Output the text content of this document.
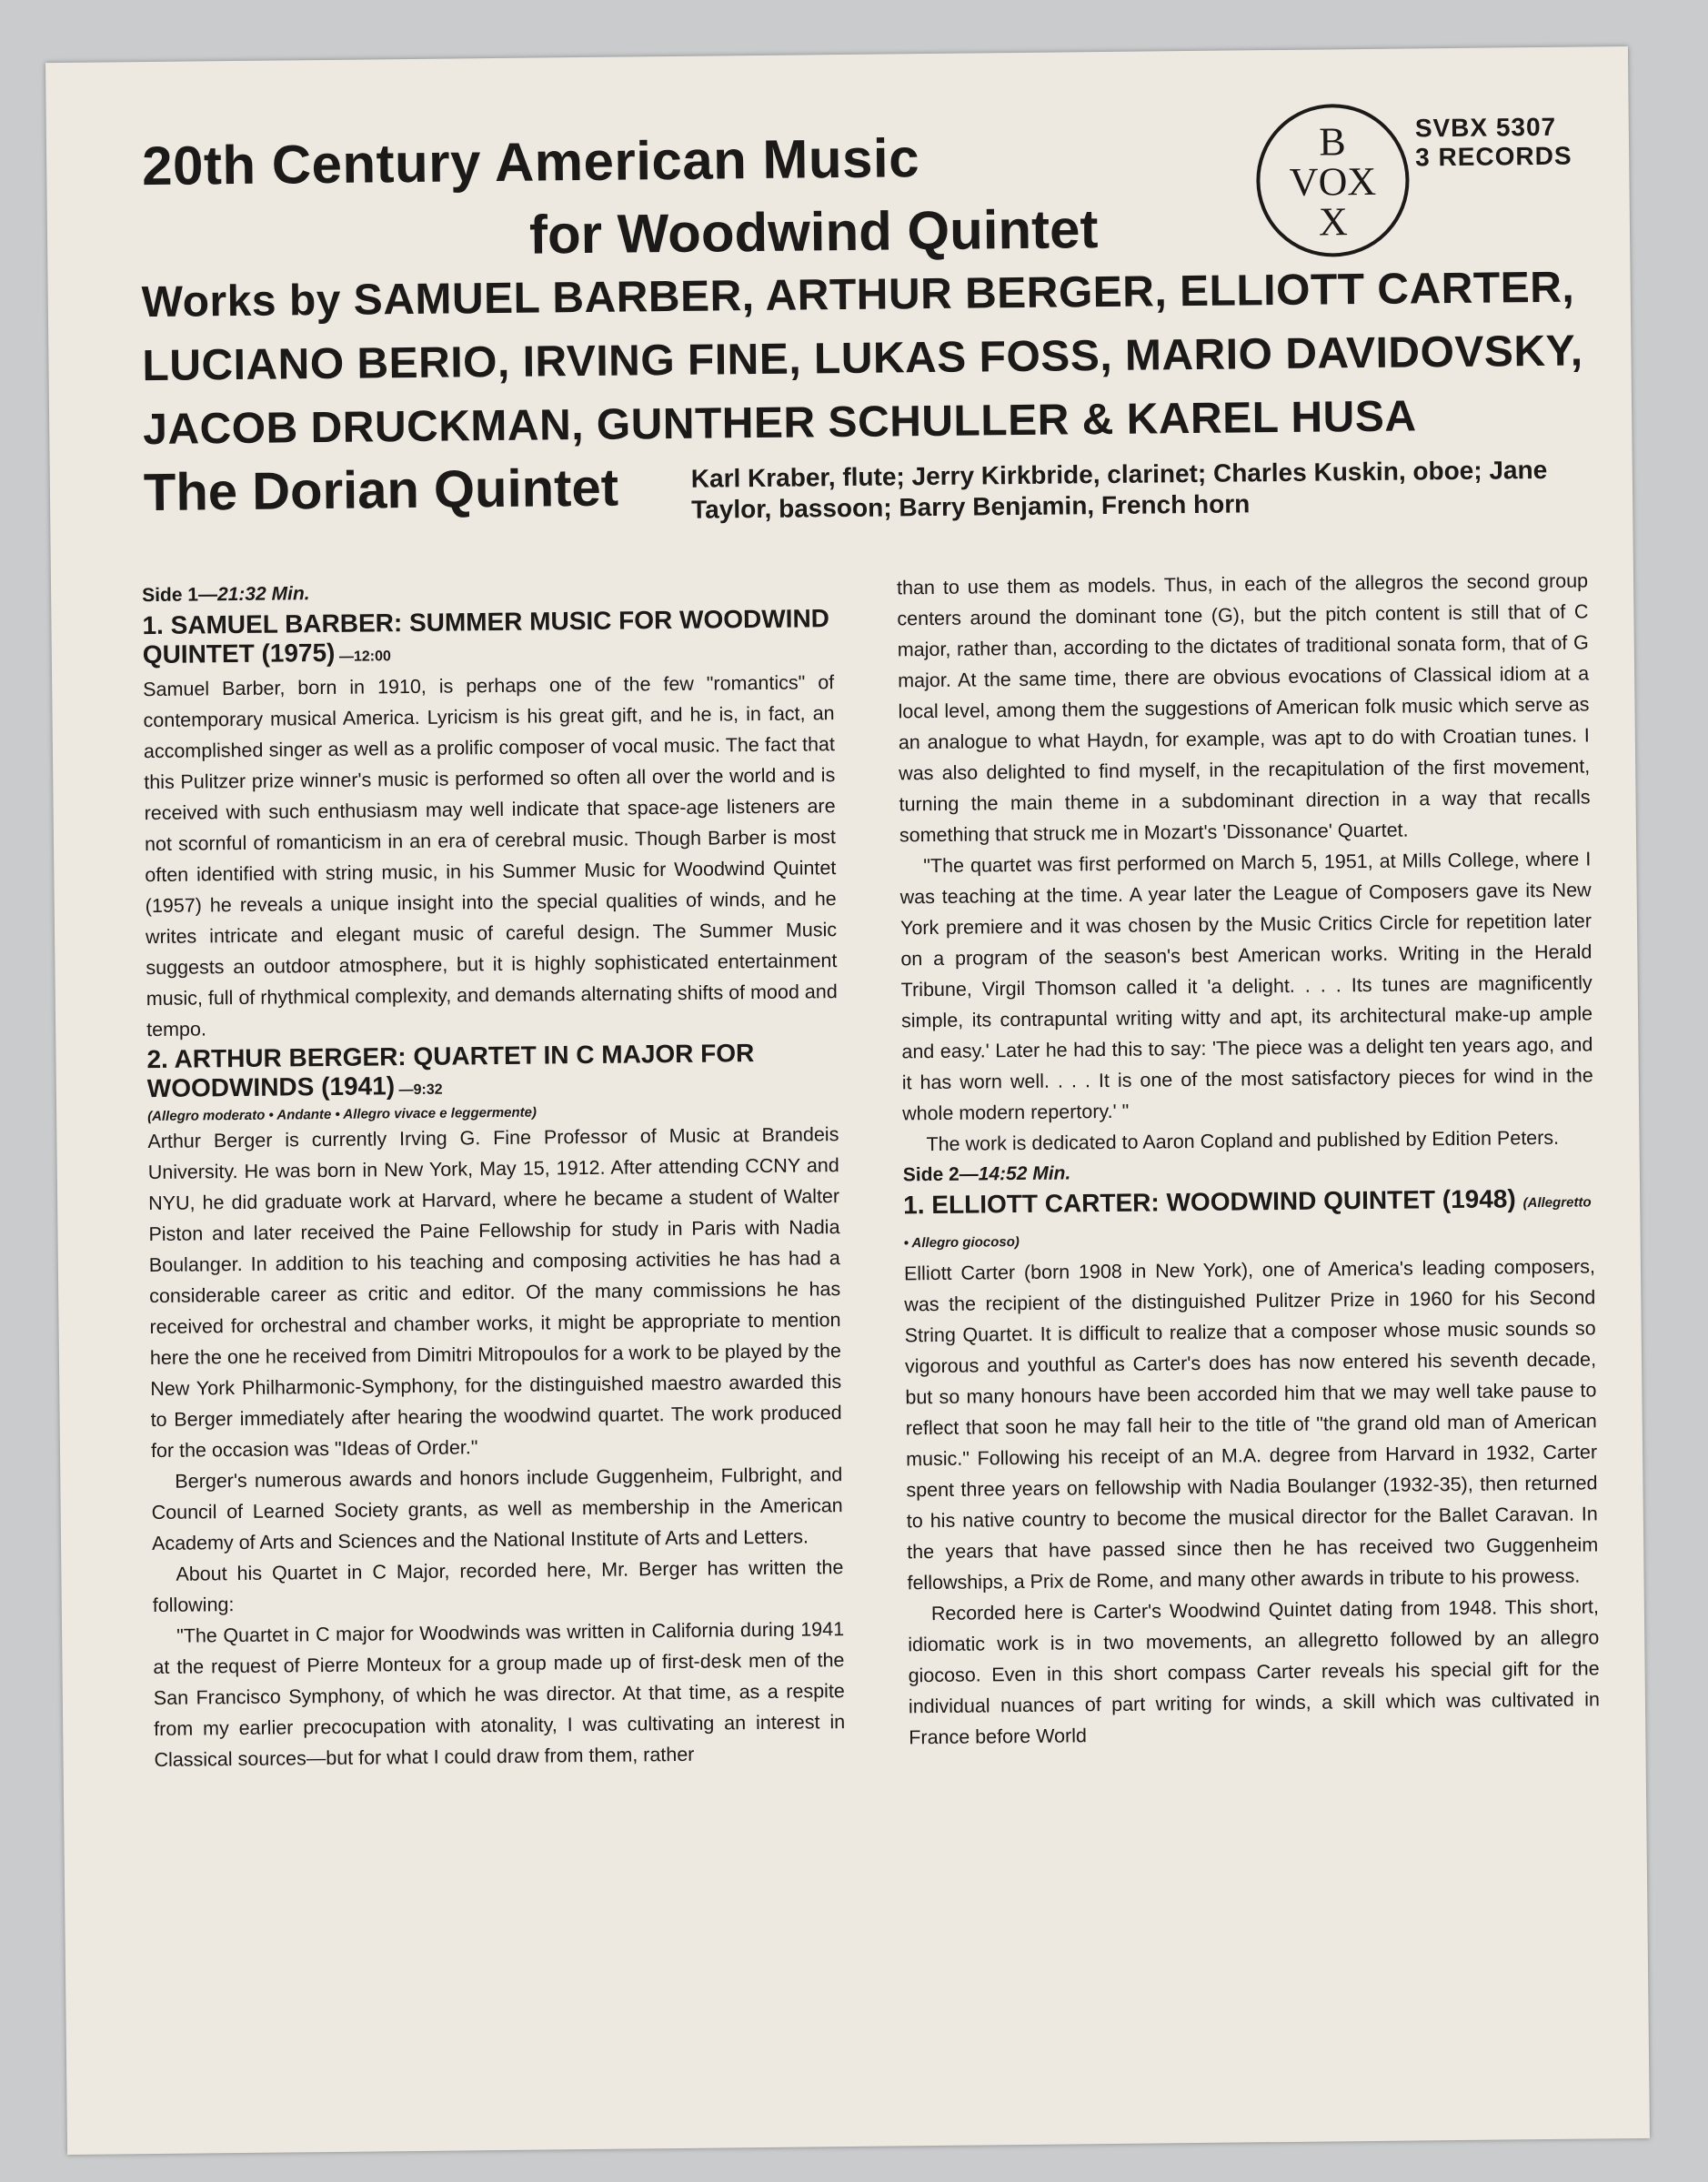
20th Century American Music
for Woodwind Quintet
B
VOX
X
SVBX 5307
3 RECORDS
Works by SAMUEL BARBER, ARTHUR BERGER, ELLIOTT CARTER, LUCIANO BERIO, IRVING FINE, LUKAS FOSS, MARIO DAVIDOVSKY, JACOB DRUCKMAN, GUNTHER SCHULLER & KAREL HUSA
The Dorian Quintet	Karl Kraber, flute; Jerry Kirkbride, clarinet; Charles Kuskin, oboe; Jane Taylor, bassoon; Barry Benjamin, French horn

Side 1—21:32 Min.

1. SAMUEL BARBER: SUMMER MUSIC FOR WOODWIND QUINTET (1975) —12:00

Samuel Barber, born in 1910, is perhaps one of the few "romantics" of contemporary musical America. Lyricism is his great gift, and he is, in fact, an accomplished singer as well as a prolific composer of vocal music. The fact that this Pulitzer prize winner's music is performed so often all over the world and is received with such enthusiasm may well indicate that space-age listeners are not scornful of romanticism in an era of cerebral music. Though Barber is most often identified with string music, in his Summer Music for Woodwind Quintet (1957) he reveals a unique insight into the special qualities of winds, and he writes intricate and elegant music of careful design. The Summer Music suggests an outdoor atmosphere, but it is highly sophisticated entertainment music, full of rhythmical complexity, and demands alternating shifts of mood and tempo.

2. ARTHUR BERGER: QUARTET IN C MAJOR FOR WOODWINDS (1941) —9:32

(Allegro moderato • Andante • Allegro vivace e leggermente)

Arthur Berger is currently Irving G. Fine Professor of Music at Brandeis University. He was born in New York, May 15, 1912. After attending CCNY and NYU, he did graduate work at Harvard, where he became a student of Walter Piston and later received the Paine Fellowship for study in Paris with Nadia Boulanger. In addition to his teaching and composing activities he has had a considerable career as critic and editor. Of the many commissions he has received for orchestral and chamber works, it might be appropriate to mention here the one he received from Dimitri Mitropoulos for a work to be played by the New York Philharmonic-Symphony, for the distinguished maestro awarded this to Berger immediately after hearing the woodwind quartet. The work produced for the occasion was "Ideas of Order."

Berger's numerous awards and honors include Guggenheim, Fulbright, and Council of Learned Society grants, as well as membership in the American Academy of Arts and Sciences and the National Institute of Arts and Letters.

About his Quartet in C Major, recorded here, Mr. Berger has written the following:

"The Quartet in C major for Woodwinds was written in California during 1941 at the request of Pierre Monteux for a group made up of first-desk men of the San Francisco Symphony, of which he was director. At that time, as a respite from my earlier precocupation with atonality, I was cultivating an interest in Classical sources—but for what I could draw from them, rather

than to use them as models. Thus, in each of the allegros the second group centers around the dominant tone (G), but the pitch content is still that of C major, rather than, according to the dictates of traditional sonata form, that of G major. At the same time, there are obvious evocations of Classical idiom at a local level, among them the suggestions of American folk music which serve as an analogue to what Haydn, for example, was apt to do with Croatian tunes. I was also delighted to find myself, in the recapitulation of the first movement, turning the main theme in a subdominant direction in a way that recalls something that struck me in Mozart's 'Dissonance' Quartet.

"The quartet was first performed on March 5, 1951, at Mills College, where I was teaching at the time. A year later the League of Composers gave its New York premiere and it was chosen by the Music Critics Circle for repetition later on a program of the season's best American works. Writing in the Herald Tribune, Virgil Thomson called it 'a delight. . . . Its tunes are magnificently simple, its contrapuntal writing witty and apt, its architectural make-up ample and easy.' Later he had this to say: 'The piece was a delight ten years ago, and it has worn well. . . . It is one of the most satisfactory pieces for wind in the whole modern repertory.' "

The work is dedicated to Aaron Copland and published by Edition Peters.

Side 2—14:52 Min.

1. ELLIOTT CARTER: WOODWIND QUINTET (1948) (Allegretto • Allegro giocoso)

Elliott Carter (born 1908 in New York), one of America's leading composers, was the recipient of the distinguished Pulitzer Prize in 1960 for his Second String Quartet. It is difficult to realize that a composer whose music sounds so vigorous and youthful as Carter's does has now entered his seventh decade, but so many honours have been accorded him that we may well take pause to reflect that soon he may fall heir to the title of "the grand old man of American music." Following his receipt of an M.A. degree from Harvard in 1932, Carter spent three years on fellowship with Nadia Boulanger (1932-35), then returned to his native country to become the musical director for the Ballet Caravan. In the years that have passed since then he has received two Guggenheim fellowships, a Prix de Rome, and many other awards in tribute to his prowess.

Recorded here is Carter's Woodwind Quintet dating from 1948. This short, idiomatic work is in two movements, an allegretto followed by an allegro giocoso. Even in this short compass Carter reveals his special gift for the individual nuances of part writing for winds, a skill which was cultivated in France before World
